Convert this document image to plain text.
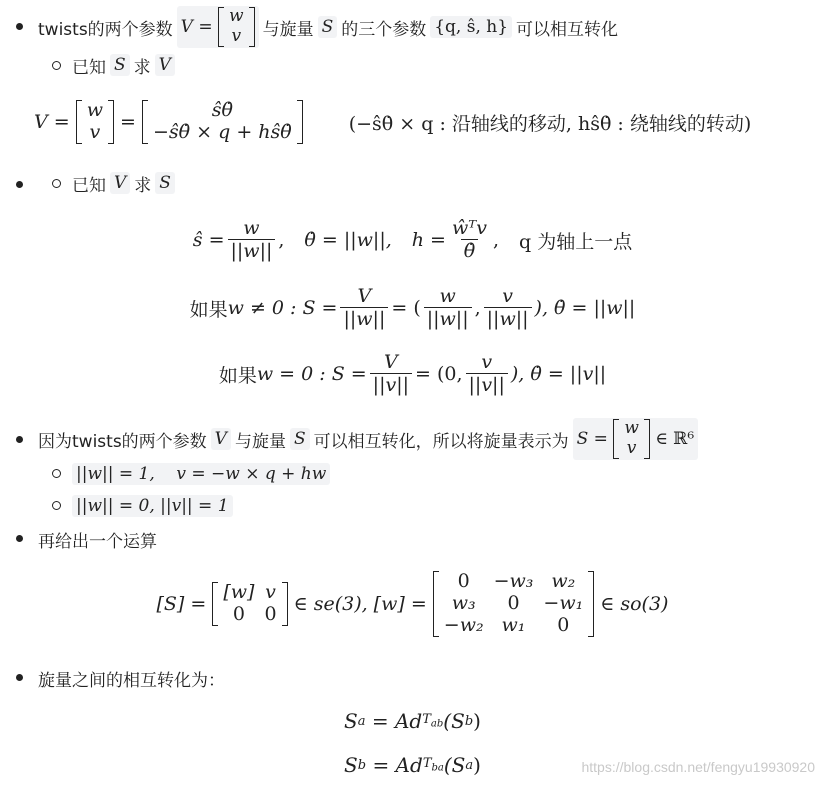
twists的两个参数 V =
w
v 与旋量 S 的三个参数 {q, ŝ, h} 可以相互转化
已知 S 求 V
V =

w
v
=

ŝθ̇
−ŝθ̇ × q + hŝθ̇	(−ŝθ̇ × q : 沿轴线的移动, hŝθ̇ : 绕轴线的转动)
已知 V 求 S
ŝ = $\frac{w}{||w||}$ , θ̇ = ||w||, $h = \frac{\text{ŵᵀv}}{\thetȧ}$ , q 为轴上一点
如果 w ≠ 0 : $S = \frac{V}{||w||}$ = ( $\frac{w}{||w||}$ , $\frac{v}{||w||}$ ), θ̇ = ||w||
如果 w = 0 : $S = \frac{V}{||v||} = (0$, $\frac{v}{||v||}$ ), θ̇ = ||v||
因为twists的两个参数 V 与旋量 S 可以相互转化，所以将旋量表示为 S =

w
v
∈ ℝ⁶
||w|| = 1,    v = −w × q + hw
||w|| = 0, ||v|| = 1
再给出一个运算
[S] =

[w]	v
0	0
∈ se(3), [w] =

0	−w₃	w₂
w₃	0	−w₁
−w₂	w₁	0

∈ so(3)
旋量之间的相互转化为：
S a
= Ad $T_{ab}$ (S b )
S b
= Ad $T_{ba}$ (S a )	https://blog.csdn.net/fengyu19930920
